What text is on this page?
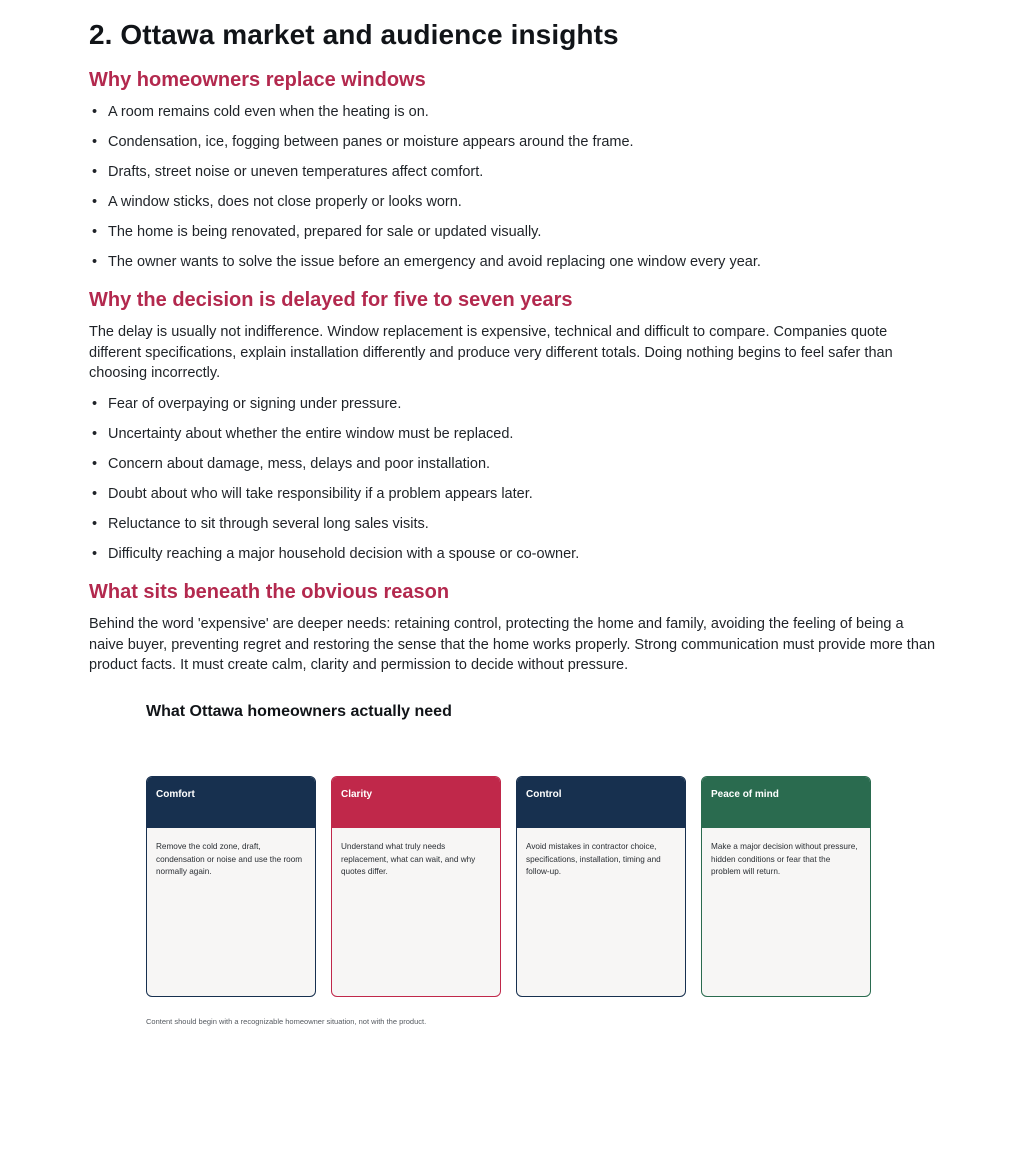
2. Ottawa market and audience insights
Why homeowners replace windows
• A room remains cold even when the heating is on.
• Condensation, ice, fogging between panes or moisture appears around the frame.
• Drafts, street noise or uneven temperatures affect comfort.
• A window sticks, does not close properly or looks worn.
• The home is being renovated, prepared for sale or updated visually.
• The owner wants to solve the issue before an emergency and avoid replacing one window every year.
Why the decision is delayed for five to seven years

The delay is usually not indifference. Window replacement is expensive, technical and difficult to compare. Companies quote different specifications, explain installation differently and produce very different totals. Doing nothing begins to feel safer than choosing incorrectly.

• Fear of overpaying or signing under pressure.
• Uncertainty about whether the entire window must be replaced.
• Concern about damage, mess, delays and poor installation.
• Doubt about who will take responsibility if a problem appears later.
• Reluctance to sit through several long sales visits.
• Difficulty reaching a major household decision with a spouse or co-owner.
What sits beneath the obvious reason

Behind the word 'expensive' are deeper needs: retaining control, protecting the home and family, avoiding the feeling of being a naive buyer, preventing regret and restoring the sense that the home works properly. Strong communication must provide more than product facts. It must create calm, clarity and permission to decide without pressure.

What Ottawa homeowners actually need
Comfort
Remove the cold zone, draft, condensation or noise and use the room normally again.
Clarity
Understand what truly needs replacement, what can wait, and why quotes differ.
Control
Avoid mistakes in contractor choice, specifications, installation, timing and follow-up.
Peace of mind
Make a major decision without pressure, hidden conditions or fear that the problem will return.
Content should begin with a recognizable homeowner situation, not with the product.
